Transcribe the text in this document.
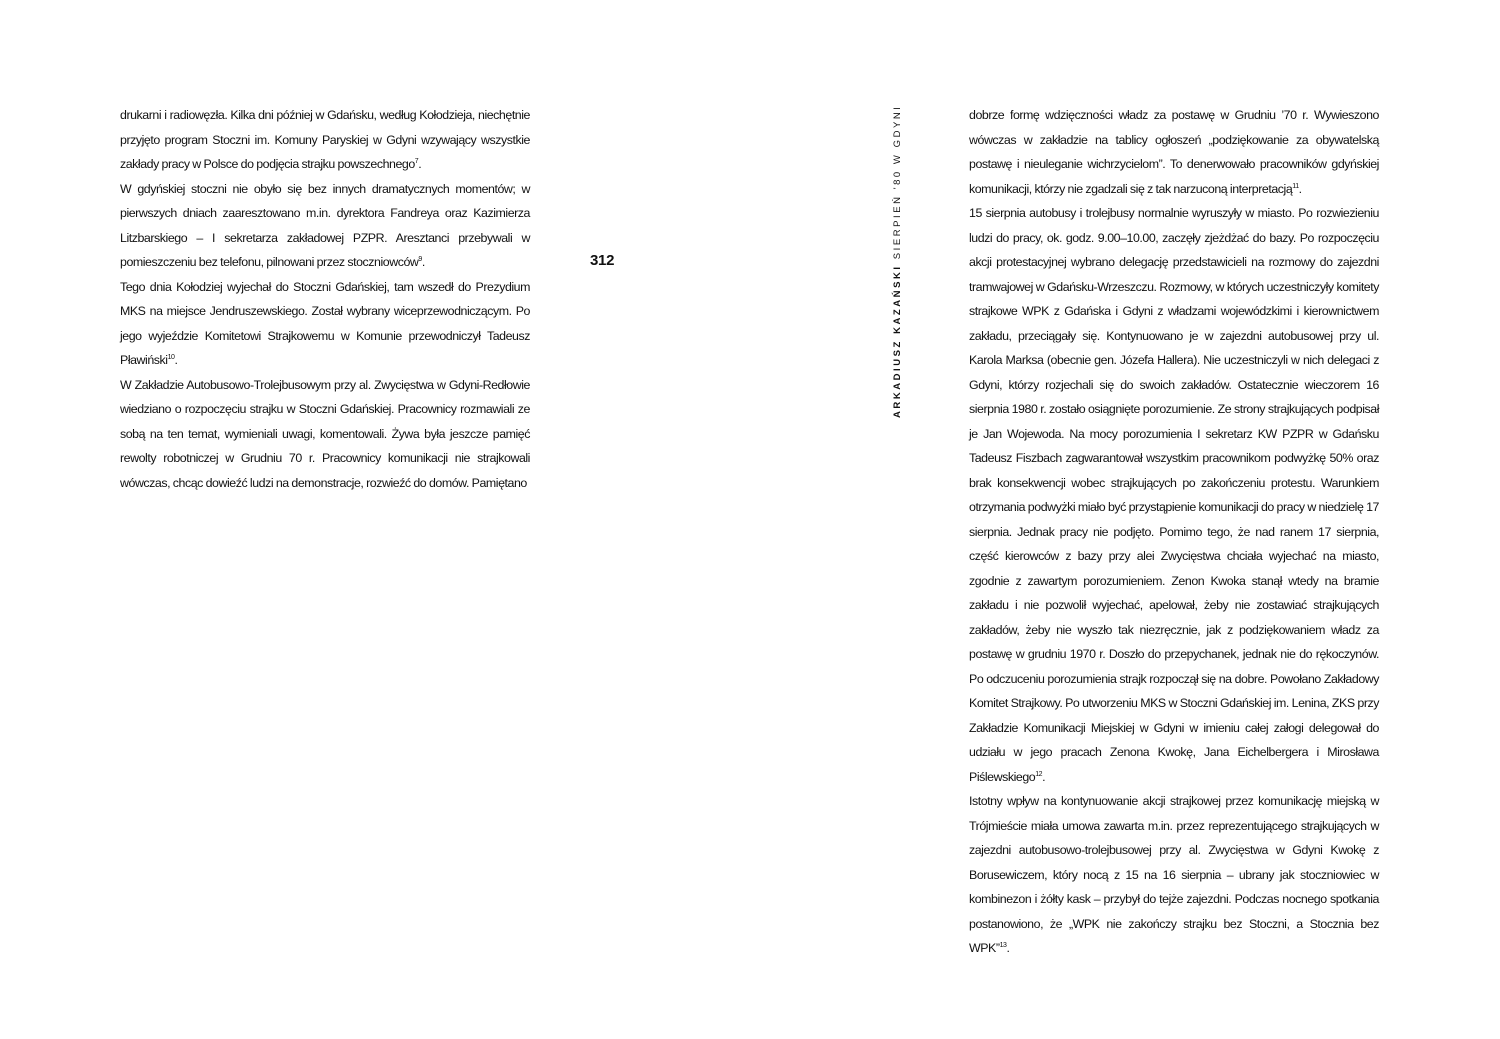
drukarni i radiowęzła. Kilka dni później w Gdańsku, według Kołodzieja, niechętnie przyjęto program Stoczni im. Komuny Paryskiej w Gdyni wzywający wszystkie zakłady pracy w Polsce do podjęcia strajku powszechnego$^7$.

W gdyńskiej stoczni nie obyło się bez innych dramatycznych momentów; w pierwszych dniach zaaresztowano m.in. dyrektora Fandreya oraz Kazimierza Litzbarskiego – I sekretarza zakładowej PZPR. Aresztanci przebywali w pomieszczeniu bez telefonu, pilnowani przez stoczniowców$^9$.

Tego dnia Kołodziej wyjechał do Stoczni Gdańskiej, tam wszedł do Prezydium MKS na miejsce Jendruszewskiego. Został wybrany wiceprzewodniczącym. Po jego wyjeździe Komitetowi Strajkowemu w Komunie przewodniczył Tadeusz Pławiński$^{10}$.

W Zakładzie Autobusowo-Trolejbusowym przy al. Zwycięstwa w Gdyni-Redłowie wiedziano o rozpoczęciu strajku w Stoczni Gdańskiej. Pracownicy rozmawiali ze sobą na ten temat, wymieniali uwagi, komentowali. Żywa była jeszcze pamięć rewolty robotniczej w Grudniu 70 r. Pracownicy komunikacji nie strajkowali wówczas, chcąc dowieźć ludzi na demonstracje, rozwieźć do domów. Pamiętano

312
ARKADIUSZ KAZAŃSKI SIERPIEŃ '80 W GDYNI	dobrze formę wdzięczności władz za postawę w Grudniu ’70 r. Wywieszono wówczas w zakładzie na tablicy ogłoszeń „podziękowanie za obywatelską postawę i nieuleganie wichrzycielom”. To denerwowało pracowników gdyńskiej komunikacji, którzy nie zgadzali się z tak narzuconą interpretacją$^{11}$.

15 sierpnia autobusy i trolejbusy normalnie wyruszyły w miasto. Po rozwiezieniu ludzi do pracy, ok. godz. 9.00–10.00, zaczęły zjeżdżać do bazy. Po rozpoczęciu akcji protestacyjnej wybrano delegację przedstawicieli na rozmowy do zajezdni tramwajowej w Gdańsku-Wrzeszczu. Rozmowy, w których uczestniczyły komitety strajkowe WPK z Gdańska i Gdyni z władzami wojewódzkimi i kierownictwem zakładu, przeciągały się. Kontynuowano je w zajezdni autobusowej przy ul. Karola Marksa (obecnie gen. Józefa Hallera). Nie uczestniczyli w nich delegaci z Gdyni, którzy rozjechali się do swoich zakładów. Ostatecznie wieczorem 16 sierpnia 1980 r. zostało osiągnięte porozumienie. Ze strony strajkujących podpisał je Jan Wojewoda. Na mocy porozumienia I sekretarz KW PZPR w Gdańsku Tadeusz Fiszbach zagwarantował wszystkim pracownikom podwyżkę 50% oraz brak konsekwencji wobec strajkujących po zakończeniu protestu. Warunkiem otrzymania podwyżki miało być przystąpienie komunikacji do pracy w niedzielę 17 sierpnia. Jednak pracy nie podjęto. Pomimo tego, że nad ranem 17 sierpnia, część kierowców z bazy przy alei Zwycięstwa chciała wyjechać na miasto, zgodnie z zawartym porozumieniem. Zenon Kwoka stanął wtedy na bramie zakładu i nie pozwolił wyjechać, apelował, żeby nie zostawiać strajkujących zakładów, żeby nie wyszło tak niezręcznie, jak z podziękowaniem władz za postawę w grudniu 1970 r. Doszło do przepychanek, jednak nie do rękoczynów. Po odczuceniu porozumienia strajk rozpoczął się na dobre. Powołano Zakładowy Komitet Strajkowy. Po utworzeniu MKS w Stoczni Gdańskiej im. Lenina, ZKS przy Zakładzie Komunikacji Miejskiej w Gdyni w imieniu całej załogi delegował do udziału w jego pracach Zenona Kwokę, Jana Eichelbergera i Mirosława Piślewskiego$^{12}$.

Istotny wpływ na kontynuowanie akcji strajkowej przez komunikację miejską w Trójmieście miała umowa zawarta m.in. przez reprezentującego strajkujących w zajezdni autobusowo-trolejbusowej przy al. Zwycięstwa w Gdyni Kwokę z Borusewiczem, który nocą z 15 na 16 sierpnia – ubrany jak stoczniowiec w kombinezon i żółty kask – przybył do tejże zajezdni. Podczas nocnego spotkania postanowiono, że „WPK nie zakończy strajku bez Stoczni, a Stocznia bez WPK”$^{13}$.
